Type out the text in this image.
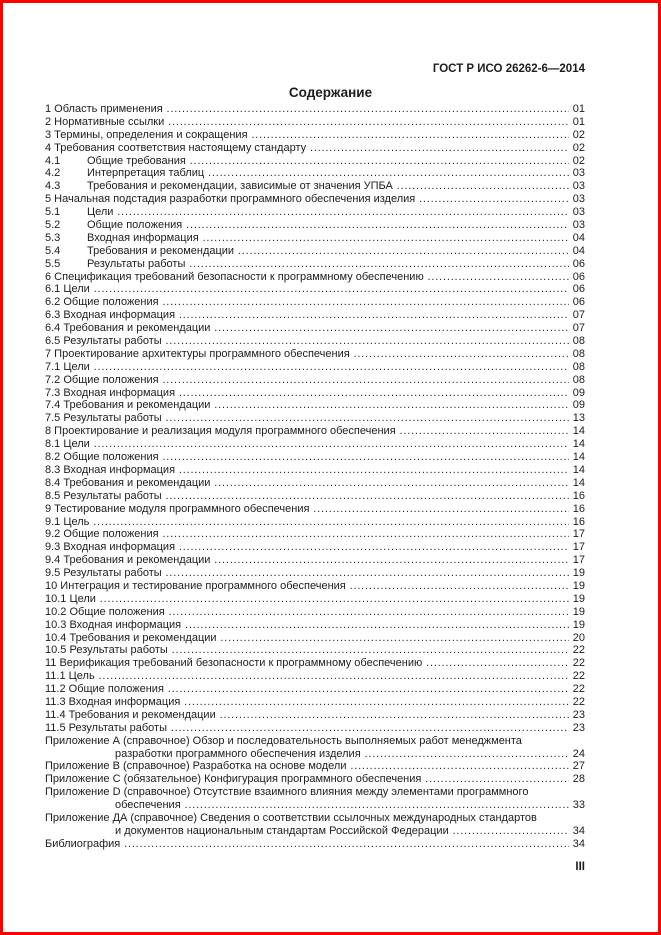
ГОСТ Р ИСО 26262-6—2014
Содержание
1 Область применения .....	01
2 Нормативные ссылки .....	01
3 Термины, определения и сокращения .....	02
4 Требования соответствия настоящему стандарту .....	02
4.1	Общие требования .....	02
4.2	Интерпретация таблиц .....	03
4.3	Требования и рекомендации, зависимые от значения УПБА .....	03
5 Начальная подстадия разработки программного обеспечения изделия .....	03
5.1	Цели .....	03
5.2	Общие положения .....	03
5.3	Входная информация .....	04
5.4	Требования и рекомендации .....	04
5.5	Результаты работы .....	06
6 Спецификация требований безопасности к программному обеспечению .....	06
6.1 Цели .....	06
6.2 Общие положения .....	06
6.3 Входная информация .....	07
6.4 Требования и рекомендации .....	07
6.5 Результаты работы .....	08
7 Проектирование архитектуры программного обеспечения .....	08
7.1 Цели .....	08
7.2 Общие положения .....	08
7.3 Входная информация .....	09
7.4 Требования и рекомендации .....	09
7.5 Результаты работы .....	13
8 Проектирование и реализация модуля программного обеспечения .....	14
8.1 Цели .....	14
8.2 Общие положения .....	14
8.3 Входная информация .....	14
8.4 Требования и рекомендации .....	14
8.5 Результаты работы .....	16
9 Тестирование модуля программного обеспечения .....	16
9.1 Цель .....	16
9.2 Общие положения .....	17
9.3 Входная информация .....	17
9.4 Требования и рекомендации .....	17
9.5 Результаты работы .....	19
10 Интеграция и тестирование программного обеспечения .....	19
10.1 Цели .....	19
10.2 Общие положения .....	19
10.3 Входная информация .....	19
10.4 Требования и рекомендации .....	20
10.5 Результаты работы .....	22
11 Верификация требований безопасности к программному обеспечению .....	22
11.1 Цель .....	22
11.2 Общие положения .....	22
11.3 Входная информация .....	22
11.4 Требования и рекомендации .....	23
11.5 Результаты работы .....	23
Приложение А (справочное) Обзор и последовательность выполняемых работ менеджмента
разработки программного обеспечения изделия .....	24
Приложение В (справочное) Разработка на основе модели .....	27
Приложение С (обязательное) Конфигурация программного обеспечения .....	28
Приложение D (справочное) Отсутствие взаимного влияния между элементами программного
обеспечения .....	33
Приложение ДА (справочное) Сведения о соответствии ссылочных международных стандартов
и документов национальным стандартам Российской Федерации .....	34
Библиография .....	34
III
